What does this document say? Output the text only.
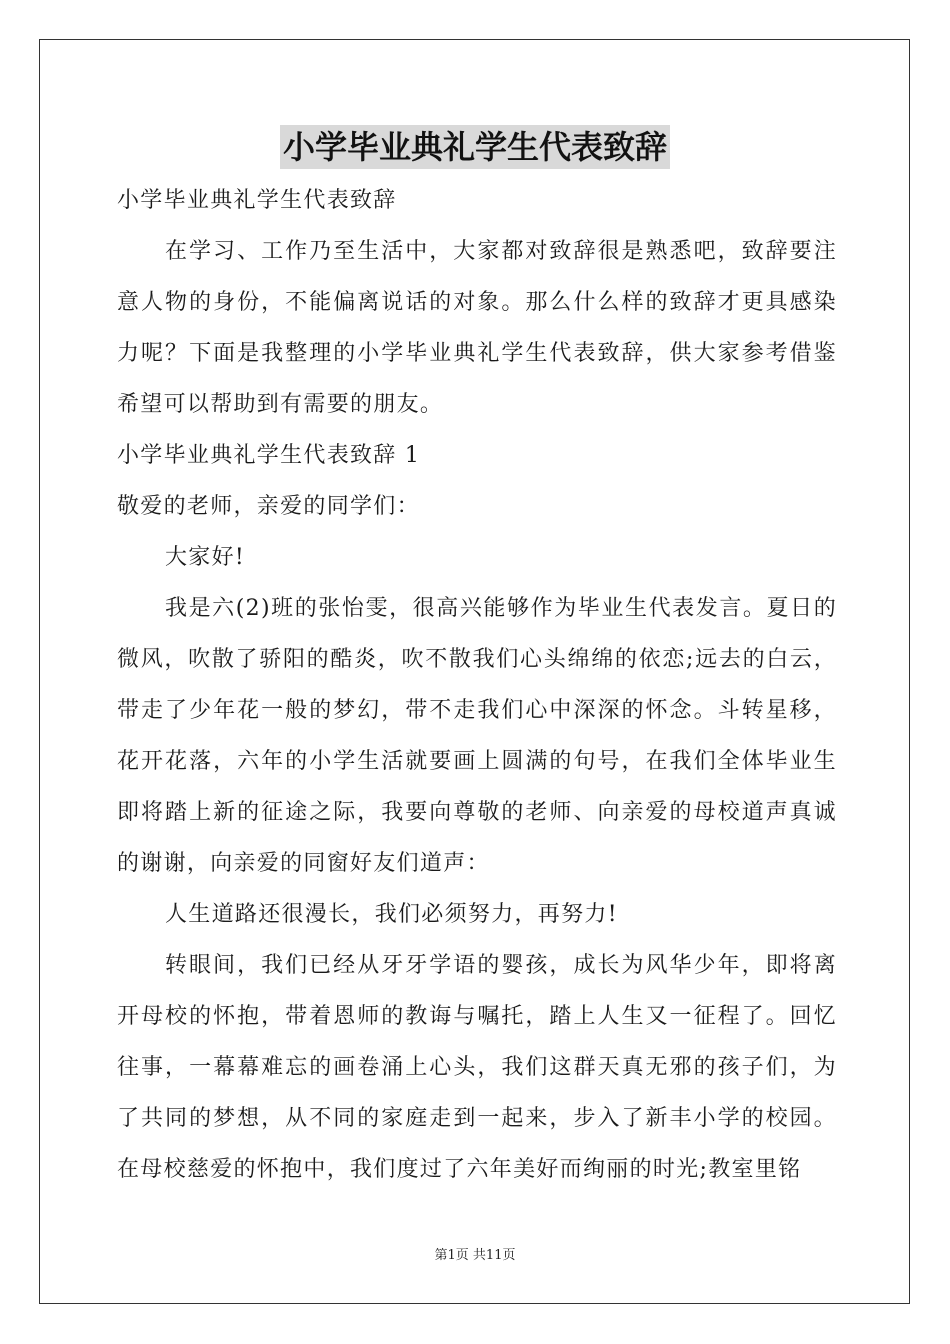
小学毕业典礼学生代表致辞

小学毕业典礼学生代表致辞

在学习、工作乃至生活中，大家都对致辞很是熟悉吧，致辞要注意人物的身份，不能偏离说话的对象。那么什么样的致辞才更具感染力呢？下面是我整理的小学毕业典礼学生代表致辞，供大家参考借鉴希望可以帮助到有需要的朋友。

小学毕业典礼学生代表致辞 1

敬爱的老师，亲爱的同学们：

大家好!

我是六(2)班的张怡雯，很高兴能够作为毕业生代表发言。夏日的微风，吹散了骄阳的酷炎，吹不散我们心头绵绵的依恋;远去的白云，带走了少年花一般的梦幻，带不走我们心中深深的怀念。斗转星移，花开花落，六年的小学生活就要画上圆满的句号，在我们全体毕业生即将踏上新的征途之际，我要向尊敬的老师、向亲爱的母校道声真诚的谢谢，向亲爱的同窗好友们道声：

人生道路还很漫长，我们必须努力，再努力!

转眼间，我们已经从牙牙学语的婴孩，成长为风华少年，即将离开母校的怀抱，带着恩师的教诲与嘱托，踏上人生又一征程了。回忆往事，一幕幕难忘的画卷涌上心头，我们这群天真无邪的孩子们，为了共同的梦想，从不同的家庭走到一起来，步入了新丰小学的校园。在母校慈爱的怀抱中，我们度过了六年美好而绚丽的时光;教室里铭

第1页 共11页
